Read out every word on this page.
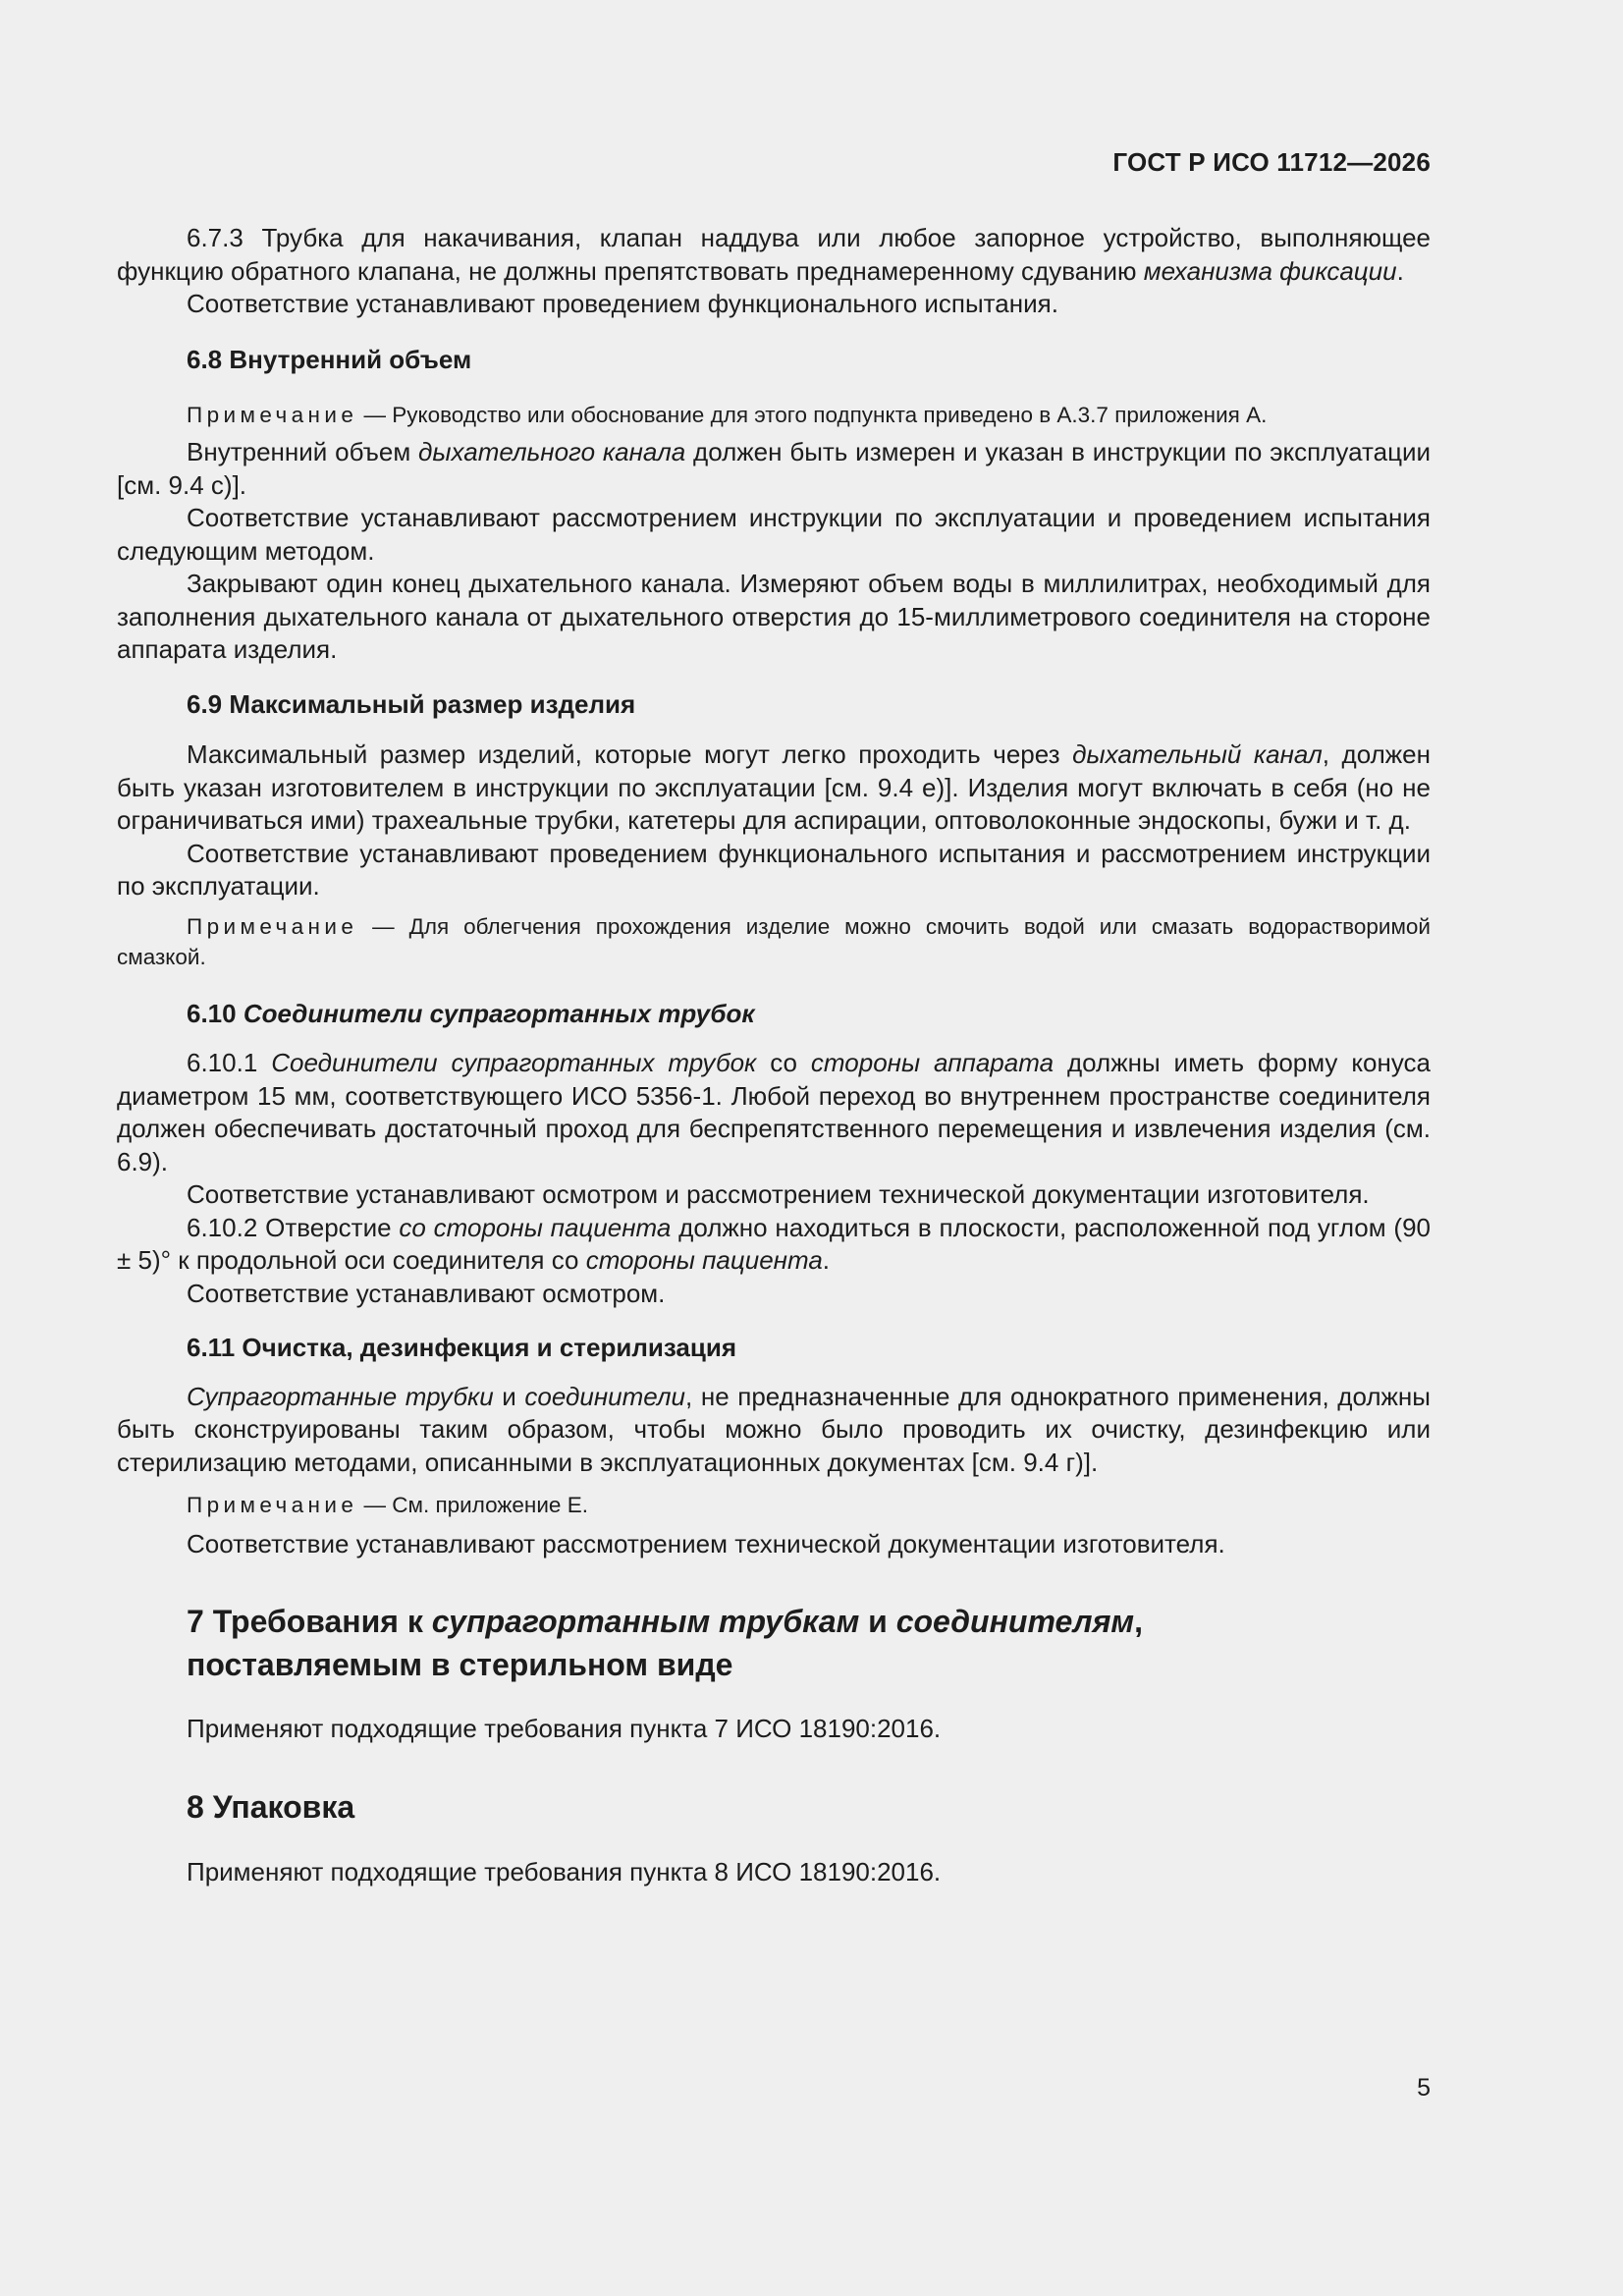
ГОСТ Р ИСО 11712—2026

6.7.3 Трубка для накачивания, клапан наддува или любое запорное устройство, выполняющее функцию обратного клапана, не должны препятствовать преднамеренному сдуванию механизма фиксации.

Соответствие устанавливают проведением функционального испытания.

6.8 Внутренний объем

Примечание — Руководство или обоснование для этого подпункта приведено в А.3.7 приложения А.

Внутренний объем дыхательного канала должен быть измерен и указан в инструкции по эксплуатации [см. 9.4 с)].

Соответствие устанавливают рассмотрением инструкции по эксплуатации и проведением испытания следующим методом.

Закрывают один конец дыхательного канала. Измеряют объем воды в миллилитрах, необходимый для заполнения дыхательного канала от дыхательного отверстия до 15-миллиметрового соединителя на стороне аппарата изделия.

6.9 Максимальный размер изделия

Максимальный размер изделий, которые могут легко проходить через дыхательный канал, должен быть указан изготовителем в инструкции по эксплуатации [см. 9.4 е)]. Изделия могут включать в себя (но не ограничиваться ими) трахеальные трубки, катетеры для аспирации, оптоволоконные эндоскопы, бужи и т. д.

Соответствие устанавливают проведением функционального испытания и рассмотрением инструкции по эксплуатации.

Примечание — Для облегчения прохождения изделие можно смочить водой или смазать водорастворимой смазкой.

6.10 Соединители супрагортанных трубок

6.10.1 Соединители супрагортанных трубок со стороны аппарата должны иметь форму конуса диаметром 15 мм, соответствующего ИСО 5356-1. Любой переход во внутреннем пространстве соединителя должен обеспечивать достаточный проход для беспрепятственного перемещения и извлечения изделия (см. 6.9).

Соответствие устанавливают осмотром и рассмотрением технической документации изготовителя.

6.10.2 Отверстие со стороны пациента должно находиться в плоскости, расположенной под углом (90 ± 5)° к продольной оси соединителя со стороны пациента.

Соответствие устанавливают осмотром.

6.11 Очистка, дезинфекция и стерилизация

Супрагортанные трубки и соединители, не предназначенные для однократного применения, должны быть сконструированы таким образом, чтобы можно было проводить их очистку, дезинфекцию или стерилизацию методами, описанными в эксплуатационных документах [см. 9.4 г)].

Примечание — См. приложение Е.

Соответствие устанавливают рассмотрением технической документации изготовителя.

7 Требования к супрагортанным трубкам и соединителям,
поставляемым в стерильном виде

Применяют подходящие требования пункта 7 ИСО 18190:2016.

8 Упаковка

Применяют подходящие требования пункта 8 ИСО 18190:2016.

5
